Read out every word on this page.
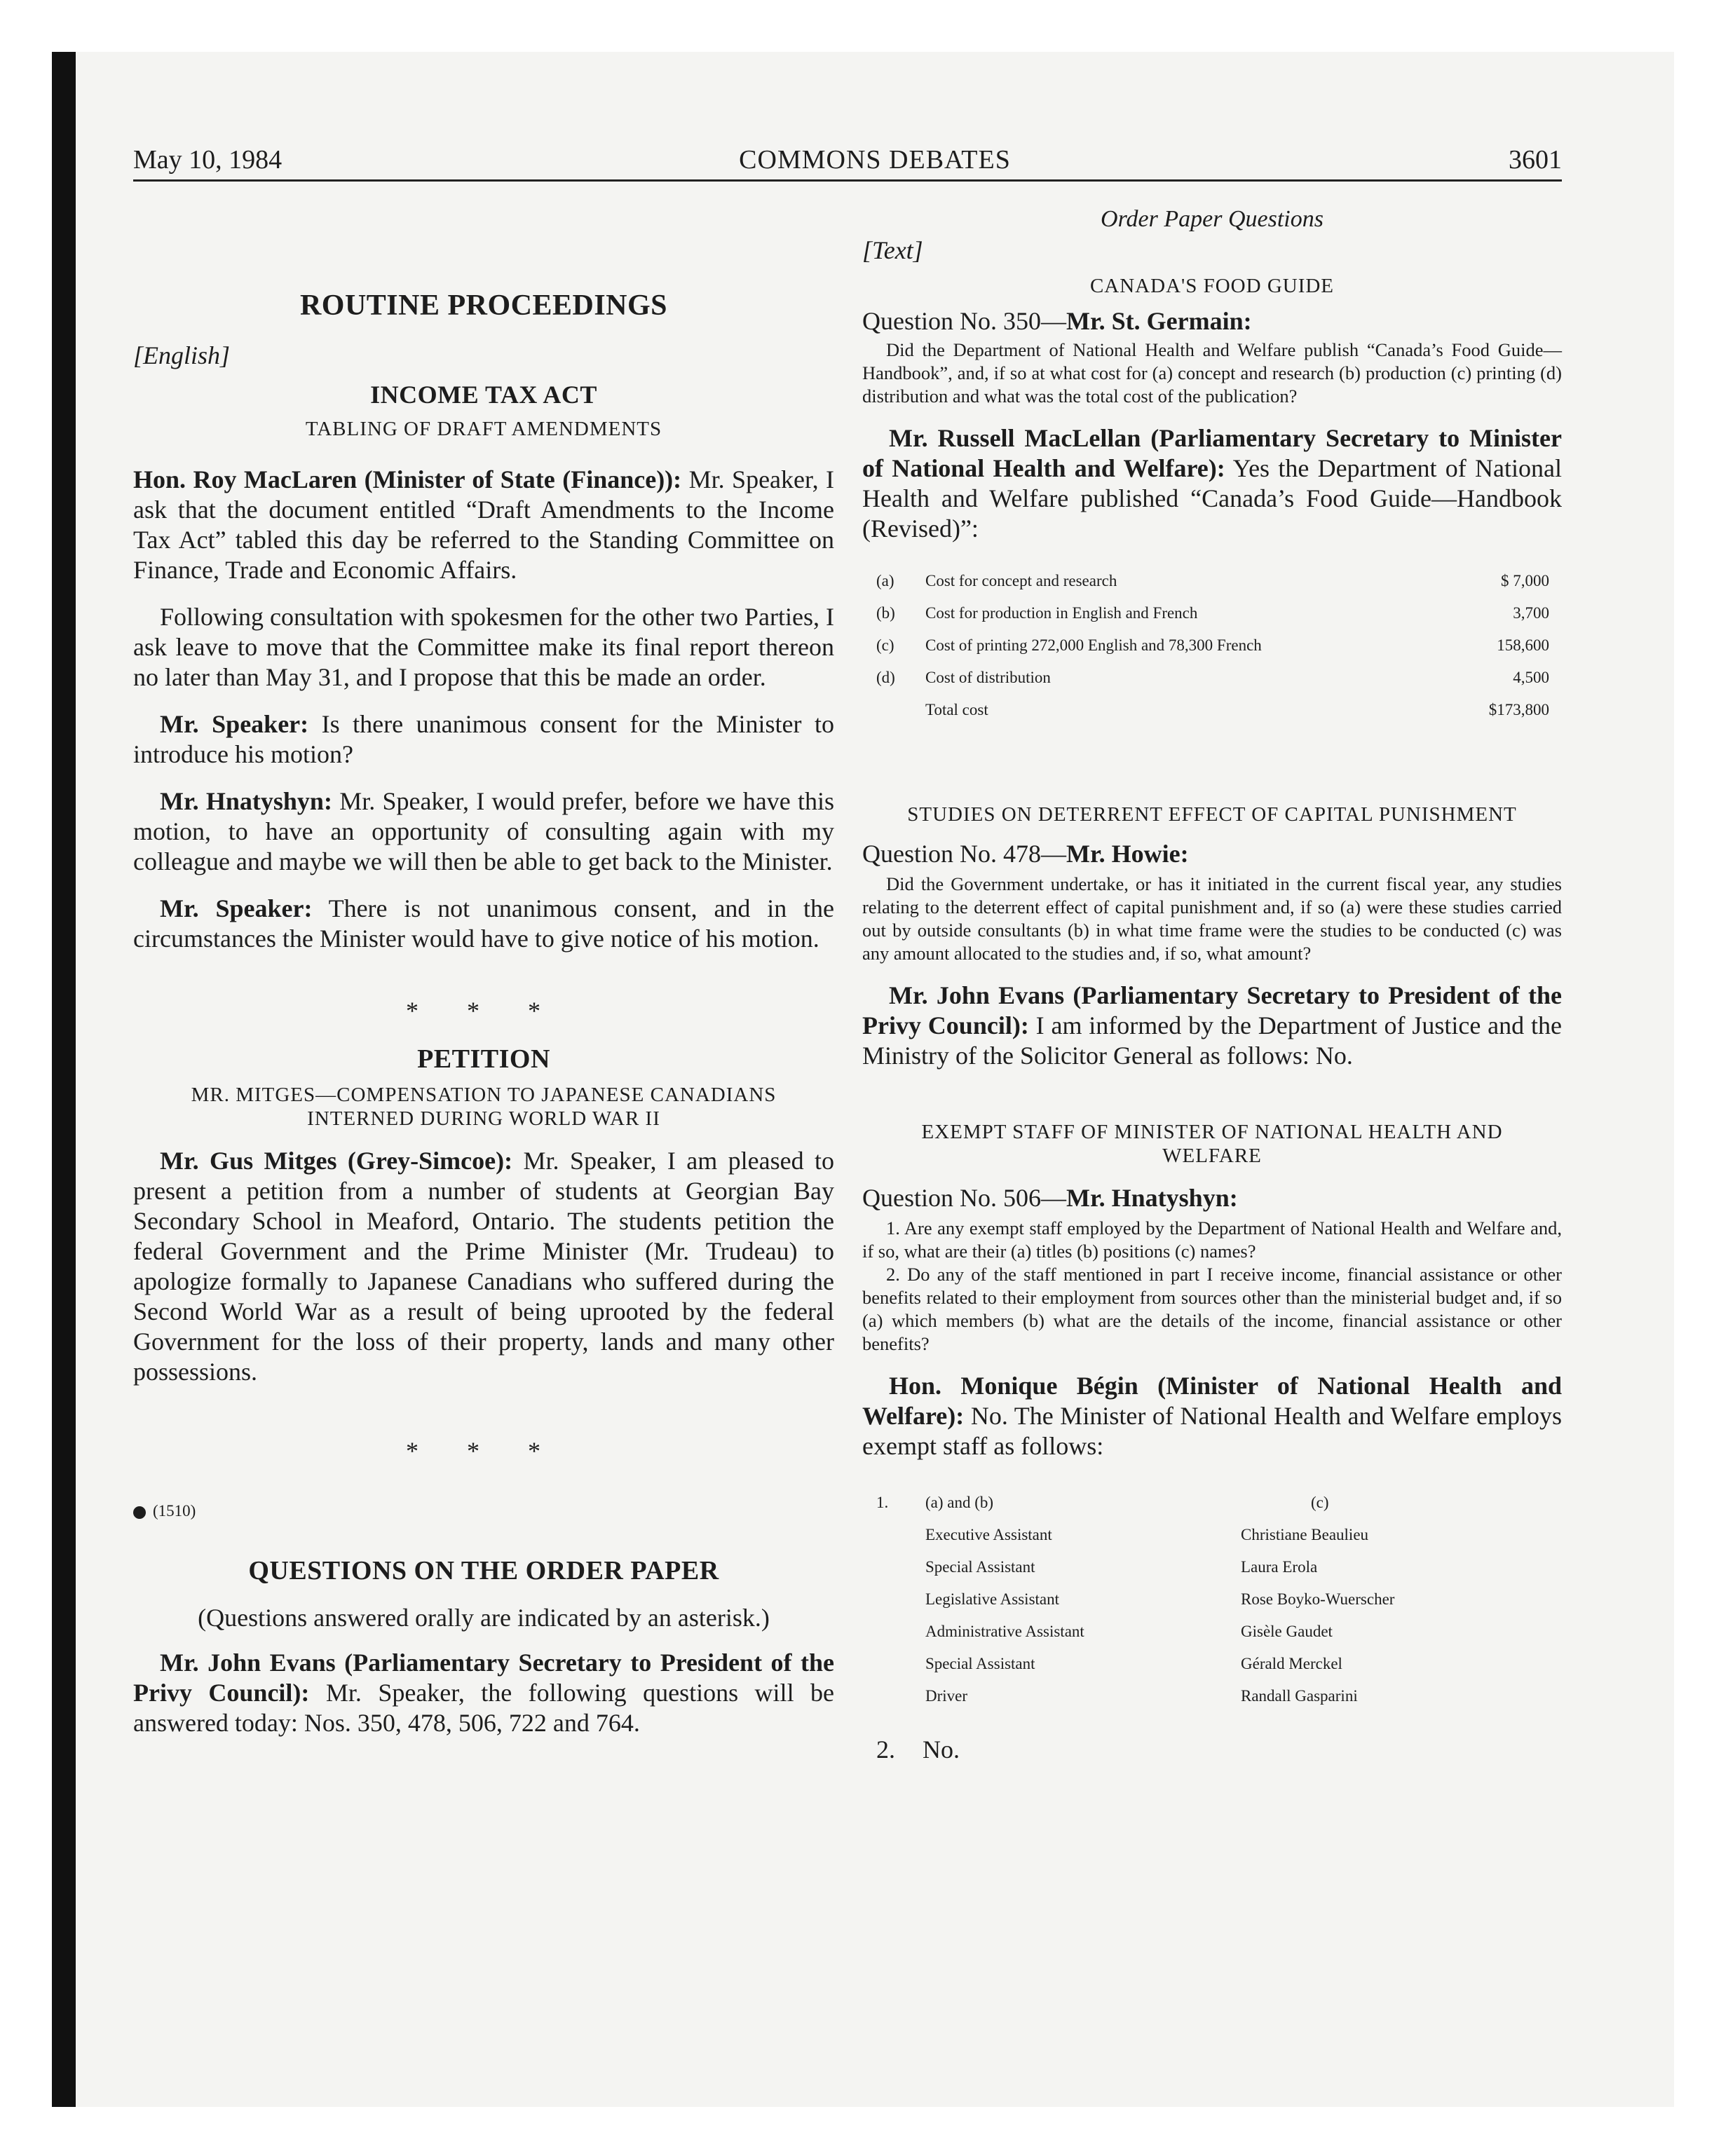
May 10, 1984	COMMONS DEBATES	3601
ROUTINE PROCEEDINGS
[English]
INCOME TAX ACT
TABLING OF DRAFT AMENDMENTS

Hon. Roy MacLaren (Minister of State (Finance)): Mr. Speaker, I ask that the document entitled “Draft Amendments to the Income Tax Act” tabled this day be referred to the Standing Committee on Finance, Trade and Economic Affairs.

Following consultation with spokesmen for the other two Parties, I ask leave to move that the Committee make its final report thereon no later than May 31, and I propose that this be made an order.

Mr. Speaker: Is there unanimous consent for the Minister to introduce his motion?

Mr. Hnatyshyn: Mr. Speaker, I would prefer, before we have this motion, to have an opportunity of consulting again with my colleague and maybe we will then be able to get back to the Minister.

Mr. Speaker: There is not unanimous consent, and in the circumstances the Minister would have to give notice of his motion.

* * *
PETITION
MR. MITGES—COMPENSATION TO JAPANESE CANADIANS INTERNED DURING WORLD WAR II

Mr. Gus Mitges (Grey-Simcoe): Mr. Speaker, I am pleased to present a petition from a number of students at Georgian Bay Secondary School in Meaford, Ontario. The students petition the federal Government and the Prime Minister (Mr. Trudeau) to apologize formally to Japanese Canadians who suffered during the Second World War as a result of being uprooted by the federal Government for the loss of their property, lands and many other possessions.

* * *
(1510)
QUESTIONS ON THE ORDER PAPER
(Questions answered orally are indicated by an asterisk.)

Mr. John Evans (Parliamentary Secretary to President of the Privy Council): Mr. Speaker, the following questions will be answered today: Nos. 350, 478, 506, 722 and 764.

Order Paper Questions
[Text]
CANADA'S FOOD GUIDE
Question No. 350—Mr. St. Germain:

Did the Department of National Health and Welfare publish “Canada’s Food Guide—Handbook”, and, if so at what cost for (a) concept and research (b) production (c) printing (d) distribution and what was the total cost of the publication?

Mr. Russell MacLellan (Parliamentary Secretary to Minister of National Health and Welfare): Yes the Department of National Health and Welfare published “Canada’s Food Guide—Handbook (Revised)”:

(a)	Cost for concept and research	$ 7,000
(b)	Cost for production in English and French	3,700
(c)	Cost of printing 272,000 English and 78,300 French	158,600
(d)	Cost of distribution	4,500
	Total cost	$173,800
STUDIES ON DETERRENT EFFECT OF CAPITAL PUNISHMENT
Question No. 478—Mr. Howie:

Did the Government undertake, or has it initiated in the current fiscal year, any studies relating to the deterrent effect of capital punishment and, if so (a) were these studies carried out by outside consultants (b) in what time frame were the studies to be conducted (c) was any amount allocated to the studies and, if so, what amount?

Mr. John Evans (Parliamentary Secretary to President of the Privy Council): I am informed by the Department of Justice and the Ministry of the Solicitor General as follows: No.

EXEMPT STAFF OF MINISTER OF NATIONAL HEALTH AND WELFARE
Question No. 506—Mr. Hnatyshyn:

1. Are any exempt staff employed by the Department of National Health and Welfare and, if so, what are their (a) titles (b) positions (c) names?

2. Do any of the staff mentioned in part I receive income, financial assistance or other benefits related to their employment from sources other than the ministerial budget and, if so (a) which members (b) what are the details of the income, financial assistance or other benefits?

Hon. Monique Bégin (Minister of National Health and Welfare): No. The Minister of National Health and Welfare employs exempt staff as follows:

1.	(a) and (b)	(c)
	Executive Assistant	Christiane Beaulieu
	Special Assistant	Laura Erola
	Legislative Assistant	Rose Boyko-Wuerscher
	Administrative Assistant	Gisèle Gaudet
	Special Assistant	Gérald Merckel
	Driver	Randall Gasparini
2. No.
